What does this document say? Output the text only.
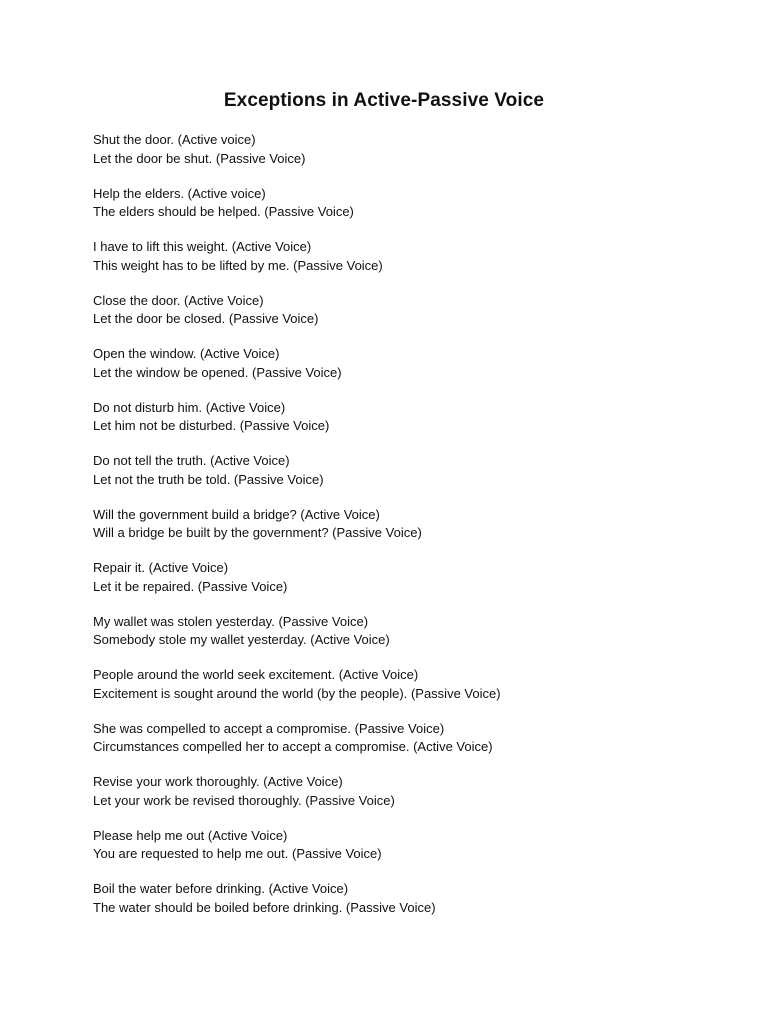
Exceptions in Active-Passive Voice
Shut the door. (Active voice)
Let the door be shut. (Passive Voice)
Help the elders. (Active voice)
The elders should be helped. (Passive Voice)
I have to lift this weight. (Active Voice)
This weight has to be lifted by me. (Passive Voice)
Close the door. (Active Voice)
Let the door be closed. (Passive Voice)
Open the window. (Active Voice)
Let the window be opened. (Passive Voice)
Do not disturb him. (Active Voice)
Let him not be disturbed. (Passive Voice)
Do not tell the truth. (Active Voice)
Let not the truth be told. (Passive Voice)
Will the government build a bridge? (Active Voice)
Will a bridge be built by the government? (Passive Voice)
Repair it. (Active Voice)
Let it be repaired. (Passive Voice)
My wallet was stolen yesterday. (Passive Voice)
Somebody stole my wallet yesterday. (Active Voice)
People around the world seek excitement. (Active Voice)
Excitement is sought around the world (by the people). (Passive Voice)
She was compelled to accept a compromise. (Passive Voice)
Circumstances compelled her to accept a compromise. (Active Voice)
Revise your work thoroughly. (Active Voice)
Let your work be revised thoroughly. (Passive Voice)
Please help me out (Active Voice)
You are requested to help me out. (Passive Voice)
Boil the water before drinking. (Active Voice)
The water should be boiled before drinking. (Passive Voice)
